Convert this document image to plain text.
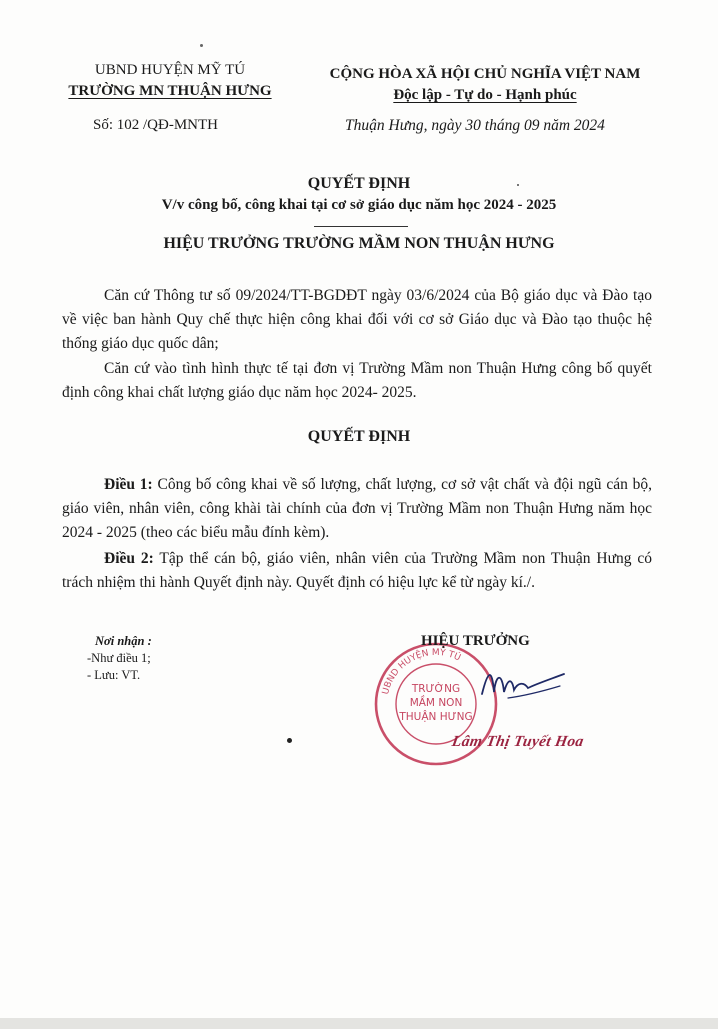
UBND HUYỆN MỸ TÚ
TRƯỜNG MN THUẬN HƯNG
CỘNG HÒA XÃ HỘI CHỦ NGHĨA VIỆT NAM
Độc lập - Tự do - Hạnh phúc
Số: 102 /QĐ-MNTH	Thuận Hưng, ngày 30 tháng 09 năm 2024
QUYẾT ĐỊNH
V/v công bố, công khai tại cơ sở giáo dục năm học 2024 - 2025
HIỆU TRƯỞNG TRƯỜNG MẦM NON THUẬN HƯNG

Căn cứ Thông tư số 09/2024/TT-BGDĐT ngày 03/6/2024 của Bộ giáo dục và Đào tạo về việc ban hành Quy chế thực hiện công khai đối với cơ sở Giáo dục và Đào tạo thuộc hệ thống giáo dục quốc dân;

Căn cứ vào tình hình thực tế tại đơn vị Trường Mầm non Thuận Hưng công bố quyết định công khai chất lượng giáo dục năm học 2024- 2025.

QUYẾT ĐỊNH

Điều 1: Công bố công khai về số lượng, chất lượng, cơ sở vật chất và đội ngũ cán bộ, giáo viên, nhân viên, công khài tài chính của đơn vị Trường Mầm non Thuận Hưng năm học 2024 - 2025 (theo các biểu mẫu đính kèm).

Điều 2: Tập thể cán bộ, giáo viên, nhân viên của Trường Mầm non Thuận Hưng có trách nhiệm thi hành Quyết định này. Quyết định có hiệu lực kể từ ngày kí./.

Nơi nhận :
-Như điều 1;
- Lưu: VT.
UBND HUYỆN MỸ TÚ
TRƯỜNG
MẦM NON
THUẬN HƯNG
HIỆU TRƯỞNG
Lâm Thị Tuyết Hoa
